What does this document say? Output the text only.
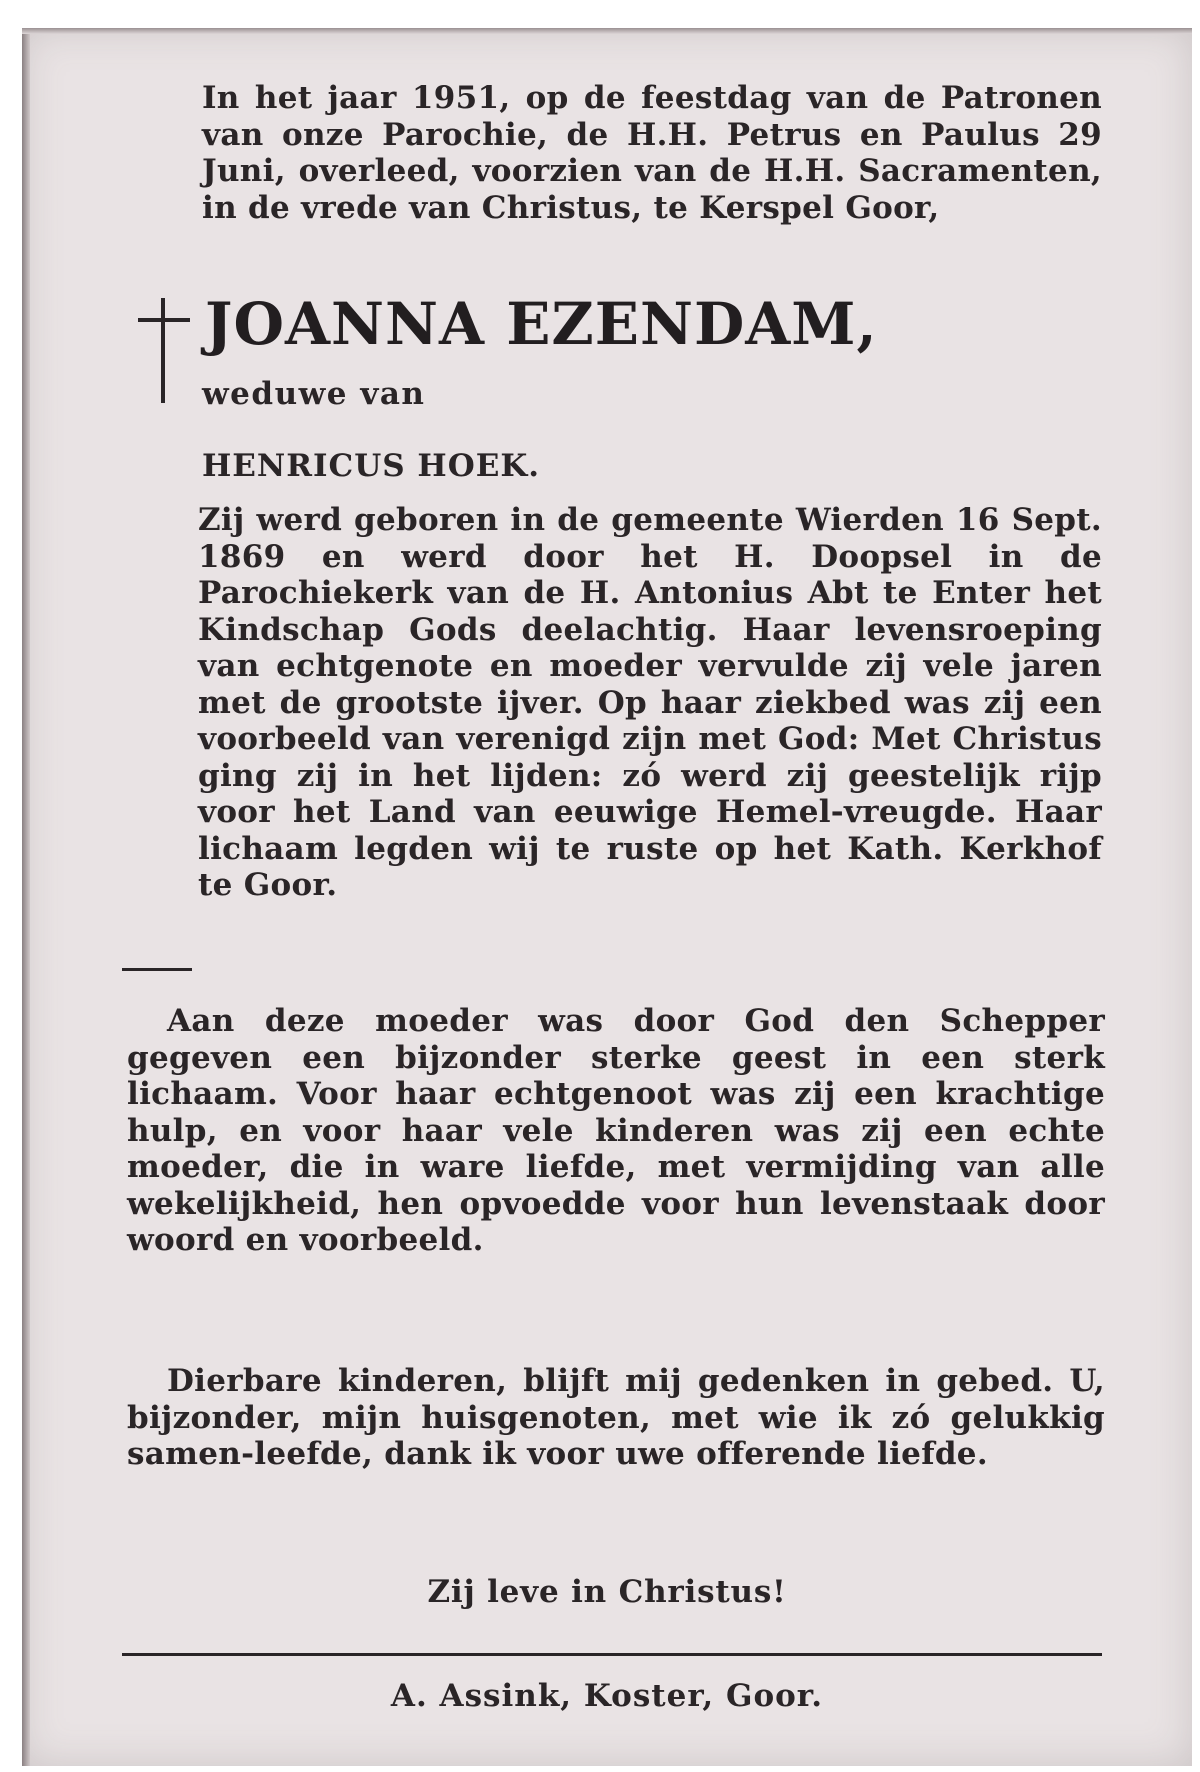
In het jaar 1951, op de feestdag van de Patronen van onze Parochie, de H.H. Petrus en Paulus 29 Juni, overleed, voorzien van de H.H. Sacramenten, in de vrede van Christus, te Kerspel Goor,
JOANNA EZENDAM,
weduwe van
HENRICUS HOEK.
Zij werd geboren in de gemeente Wierden 16 Sept. 1869 en werd door het H. Doopsel in de Parochiekerk van de H. Antonius Abt te Enter het Kindschap Gods deelachtig. Haar levensroeping van echtgenote en moeder vervulde zij vele jaren met de grootste ijver. Op haar ziekbed was zij een voorbeeld van verenigd zijn met God: Met Christus ging zij in het lijden: zó werd zij geestelijk rijp voor het Land van eeuwige Hemel-vreugde. Haar lichaam legden wij te ruste op het Kath. Kerkhof te Goor.
Aan deze moeder was door God den Schepper gegeven een bijzonder sterke geest in een sterk lichaam. Voor haar echtgenoot was zij een krachtige hulp, en voor haar vele kinderen was zij een echte moeder, die in ware liefde, met vermijding van alle wekelijkheid, hen opvoedde voor hun levenstaak door woord en voorbeeld.
Dierbare kinderen, blijft mij gedenken in gebed. U, bijzonder, mijn huisgenoten, met wie ik zó gelukkig samen-leefde, dank ik voor uwe offerende liefde.
Zij leve in Christus!
A. Assink, Koster, Goor.
